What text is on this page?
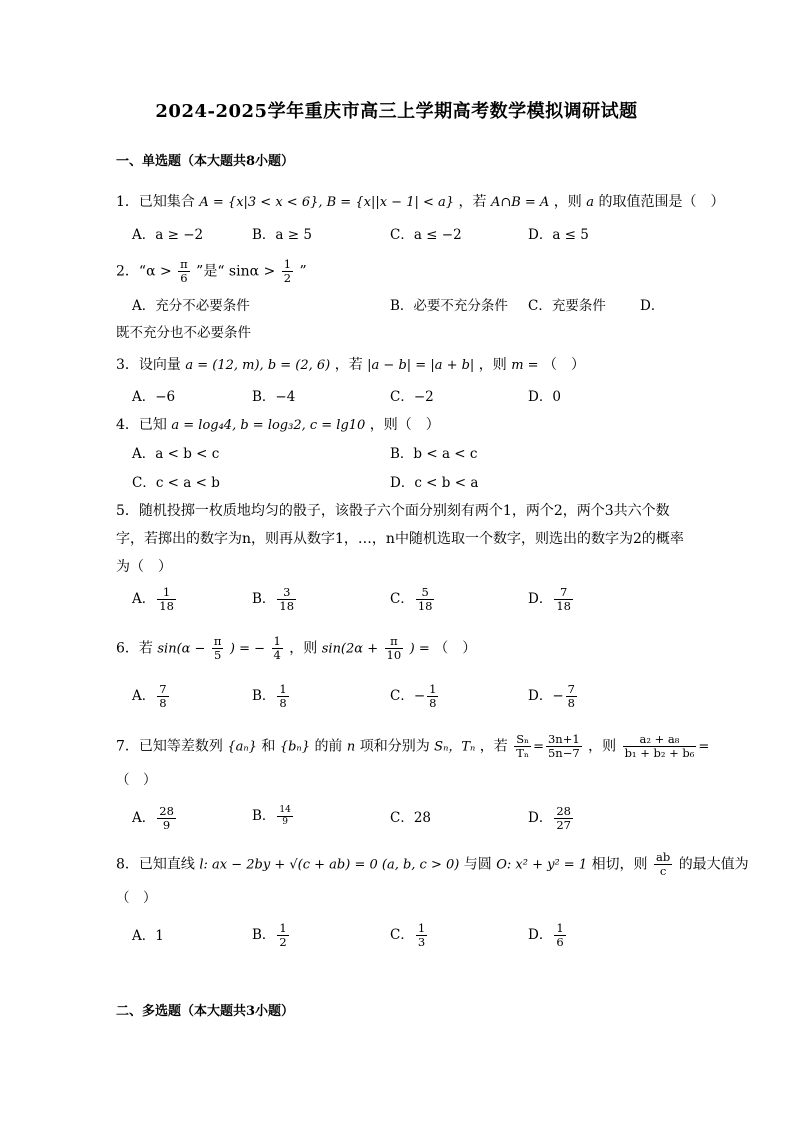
2024-2025学年重庆市高三上学期高考数学模拟调研试题
一、单选题（本大题共8小题）
1．已知集合 A = {x|3 < x < 6}, B = {x||x − 1| < a} ，若 A∩B = A ，则 a 的取值范围是（　）
A．a ≥ −2	B．a ≥ 5	C．a ≤ −2	D．a ≤ 5
2．“$\alpha > \frac{\pi}{6}$ ”是“ $\sin\alpha > \frac{1}{2}$ ”
A．充分不必要条件	B．必要不充分条件 C．充要条件	D．
既不充分也不必要条件
3．设向量 a = (12, m), b = (2, 6) ，若 |a − b| = |a + b| ，则 m = （　）
A．−6	B．−4	C．−2	D．0
4．已知 a = log₄4, b = log₃2, c = lg10 ，则（　）
A．a < b < c	B．b < a < c
C．c < a < b	D．c < b < a
5．随机投掷一枚质地均匀的骰子，该骰子六个面分别刻有两个1，两个2，两个3共六个数字，若掷出的数字为n，则再从数字1，…，n中随机选取一个数字，则选出的数字为2的概率为（　）
A． $\frac{1}{18}$	B． $\frac{3}{18}$	C． $\frac{5}{18}$	D． $\frac{7}{18}$
6．若 $\sin(\alpha - \frac{\pi}{5}$ ) = − $\frac{1}{4}$ ，则 $\sin(2\alpha + \frac{\pi}{10}$ ) = （　）
A． $\frac{7}{8}$	B． $\frac{1}{8}$	C．− $\frac{1}{8}$	D．− $\frac{7}{8}$
7．已知等差数列 {aₙ} 和 {bₙ} 的前 n 项和分别为 Sₙ，Tₙ ，若 $\frac{\text{Sₙ}}{\text{Tₙ}} = \frac{3n+1}{5n-7}$ ，则 $\frac{\text{a₂ + a₈}}{\text{b₁ + b₂ + b₆}}$ =
（　）
A． $\frac{28}{9}$	B． $\frac{14}{9}$	C．28	D． $\frac{28}{27}$
8．已知直线 l: ax − 2by + √(c + ab) = 0 (a, b, c > 0) 与圆 O: x² + y² = 1 相切，则 $\frac{ab}{c}$ 的最大值为
（　）
A．1	B． $\frac{1}{2}$	C． $\frac{1}{3}$	D． $\frac{1}{6}$
二、多选题（本大题共3小题）
